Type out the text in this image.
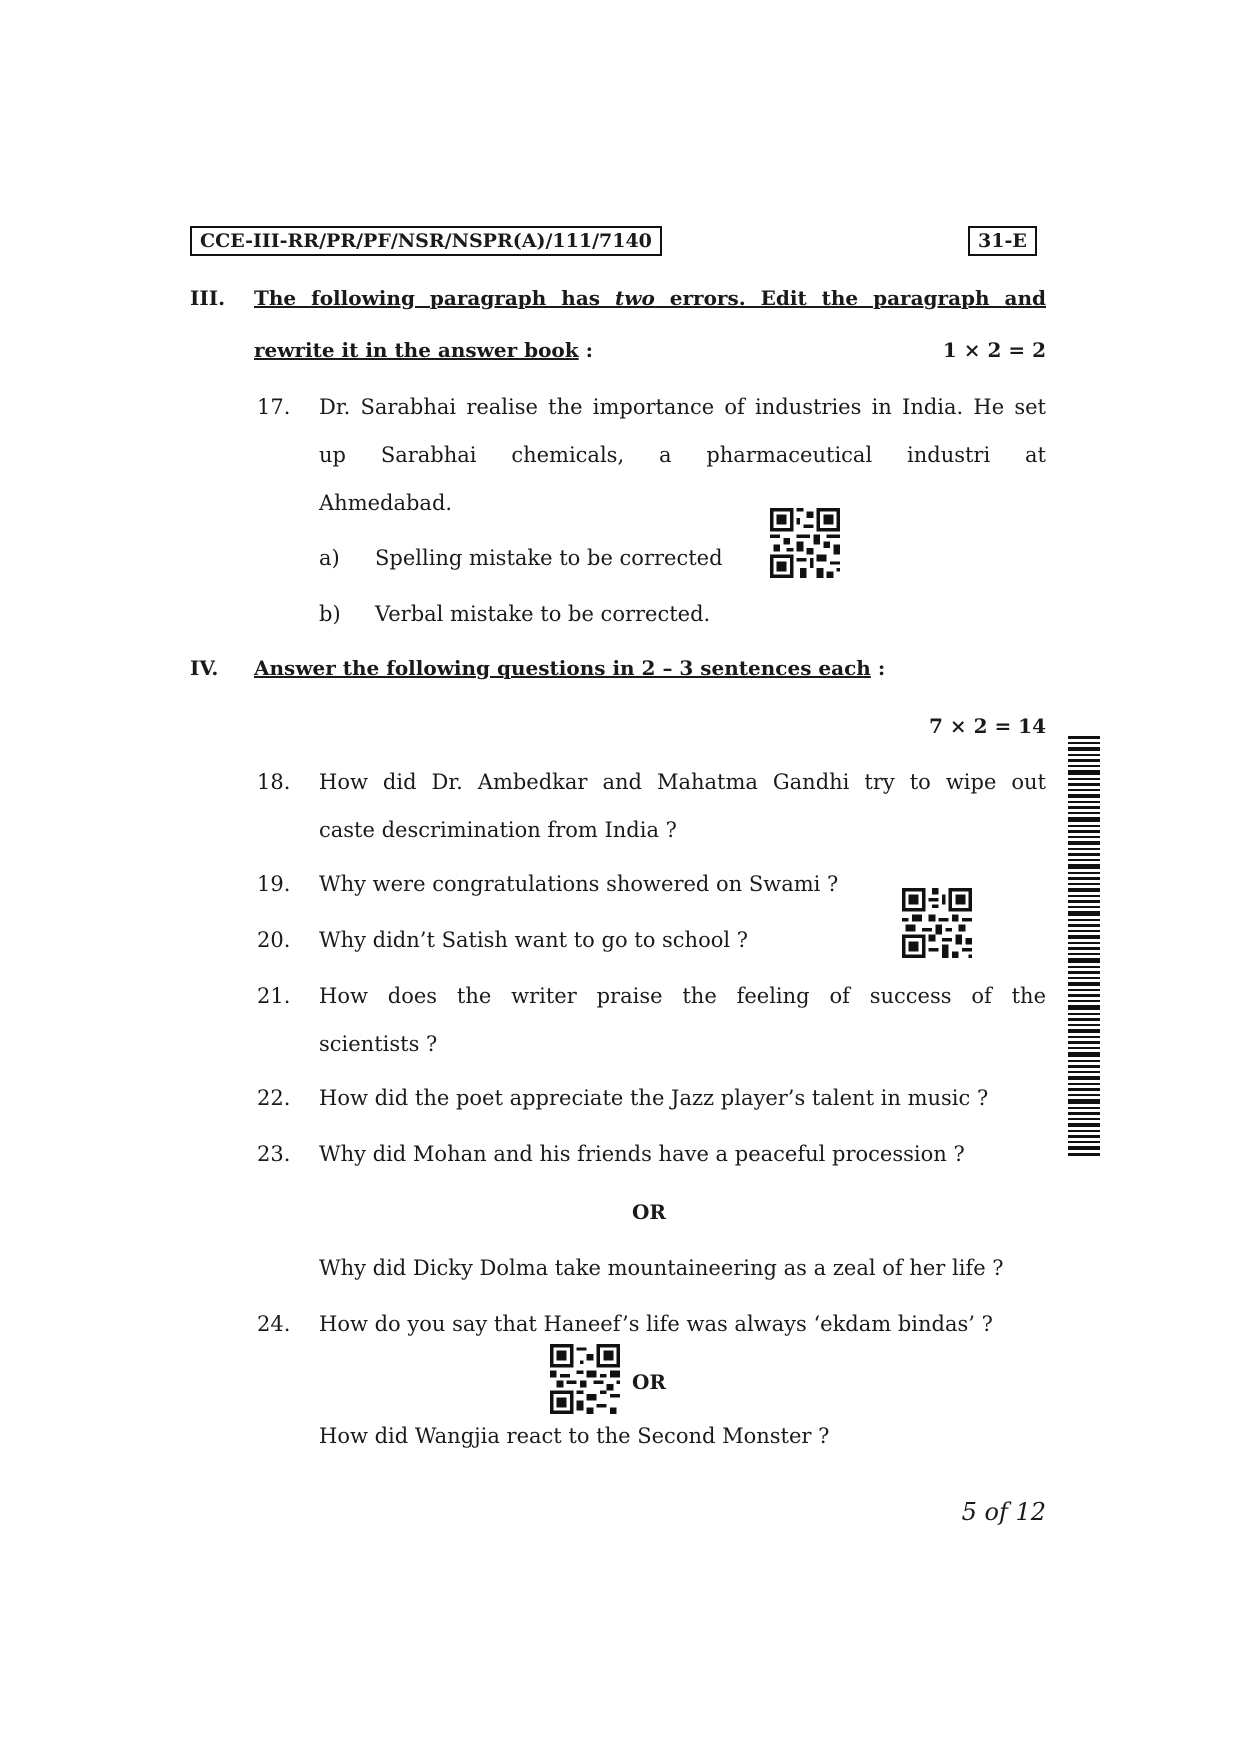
CCE-III-RR/PR/PF/NSR/NSPR(A)/111/7140	31-E
III. The following paragraph has two errors. Edit the paragraph and
rewrite it in the answer book :	1 × 2 = 2
17. Dr. Sarabhai realise the importance of industries in India. He set
up Sarabhai chemicals, a pharmaceutical industri at
Ahmedabad.
a) Spelling mistake to be corrected
b) Verbal mistake to be corrected.
IV. Answer the following questions in 2 – 3 sentences each :
7 × 2 = 14
18. How did Dr. Ambedkar and Mahatma Gandhi try to wipe out
caste descrimination from India ?
19. Why were congratulations showered on Swami ?
20. Why didn’t Satish want to go to school ?
21. How does the writer praise the feeling of success of the
scientists ?
22. How did the poet appreciate the Jazz player’s talent in music ?
23. Why did Mohan and his friends have a peaceful procession ?
OR
Why did Dicky Dolma take mountaineering as a zeal of her life ?
24. How do you say that Haneef’s life was always ‘ekdam bindas’ ?
OR
How did Wangjia react to the Second Monster ?
5 of 12
